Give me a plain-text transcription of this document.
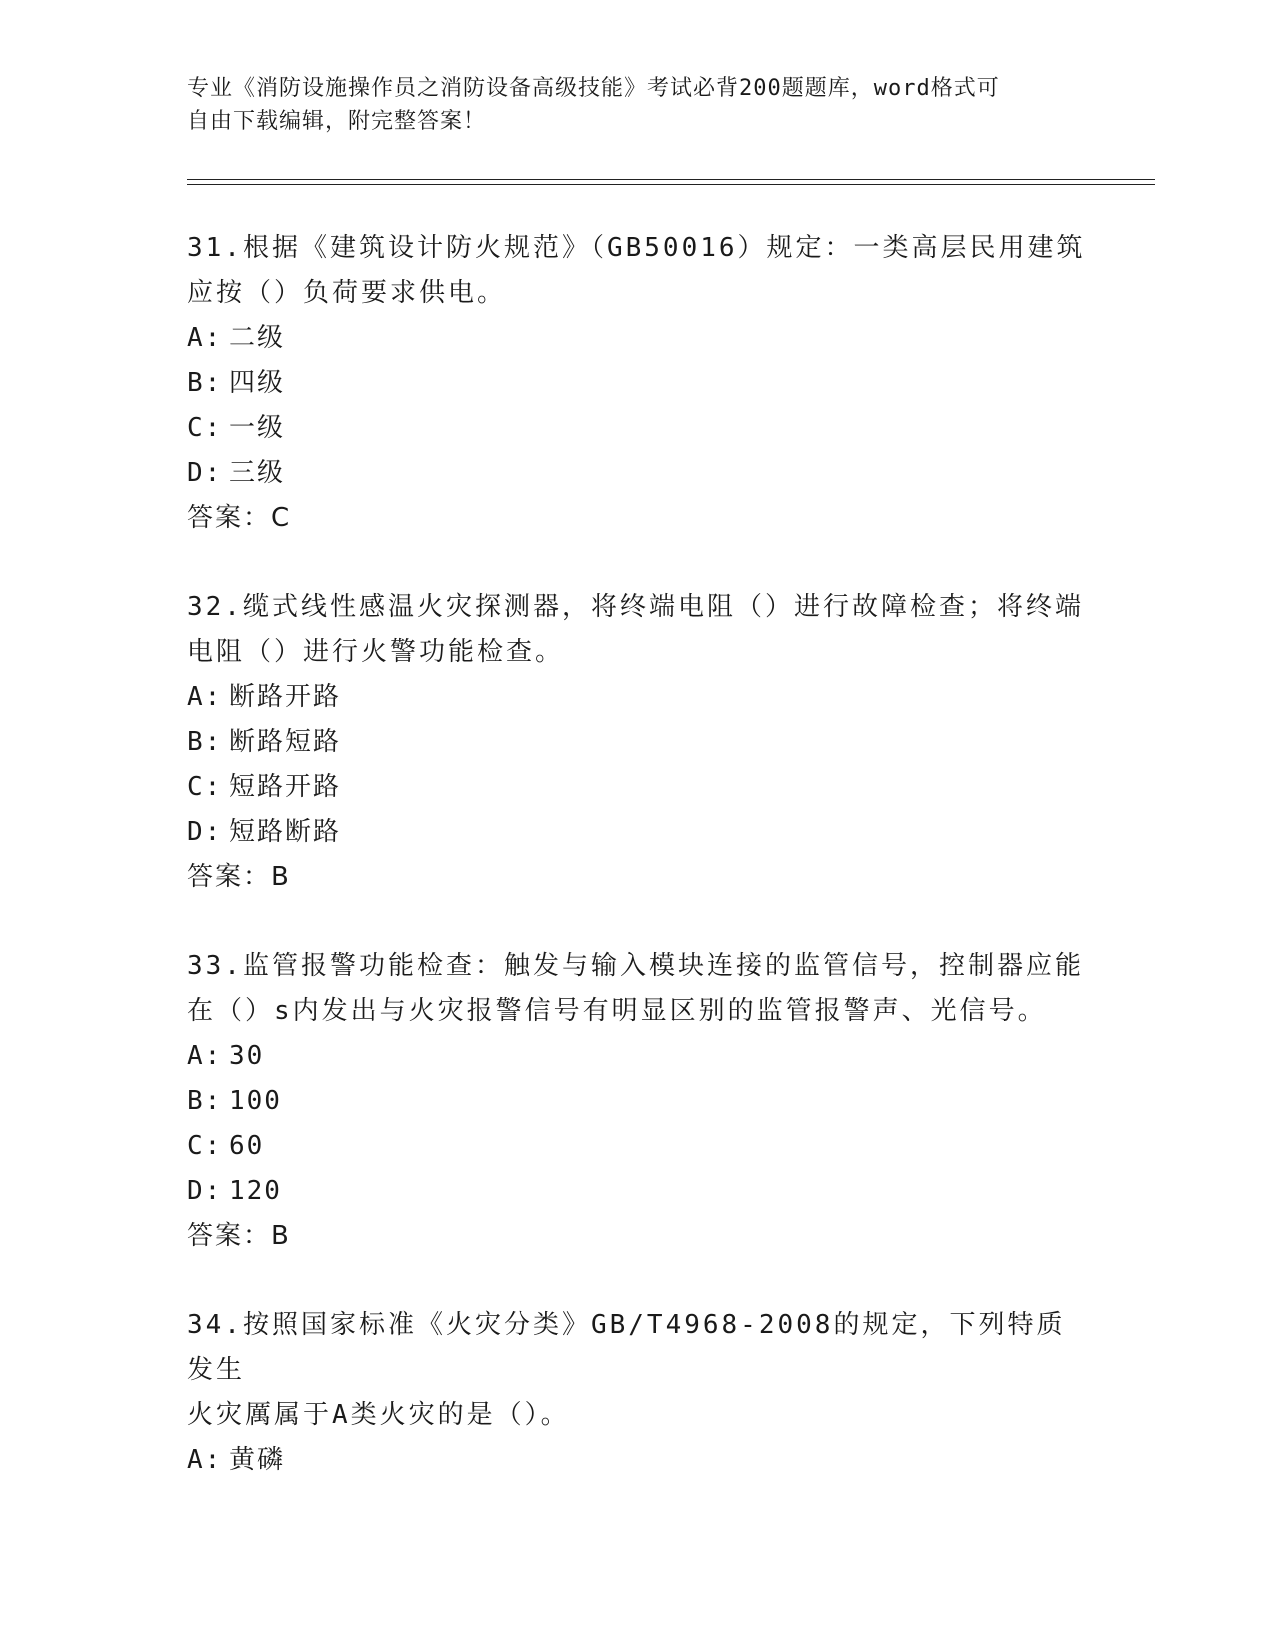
专业《消防设施操作员之消防设备高级技能》考试必背200题题库，word格式可
自由下载编辑，附完整答案！
31.根据《建筑设计防火规范》（GB50016）规定：一类高层民用建筑
应按（）负荷要求供电。
A: 二级
B: 四级
C: 一级
D: 三级
答案：C
32.缆式线性感温火灾探测器，将终端电阻（）进行故障检查；将终端
电阻（）进行火警功能检查。
A: 断路开路
B: 断路短路
C: 短路开路
D: 短路断路
答案：B
33.监管报警功能检查：触发与输入模块连接的监管信号，控制器应能
在（）s内发出与火灾报警信号有明显区别的监管报警声、光信号。
A: 30
B: 100
C: 60
D: 120
答案：B
34.按照国家标准《火灾分类》GB/T4968-2008的规定，下列特质发生
火灾厲属于A类火灾的是（）。
A: 黄磷
